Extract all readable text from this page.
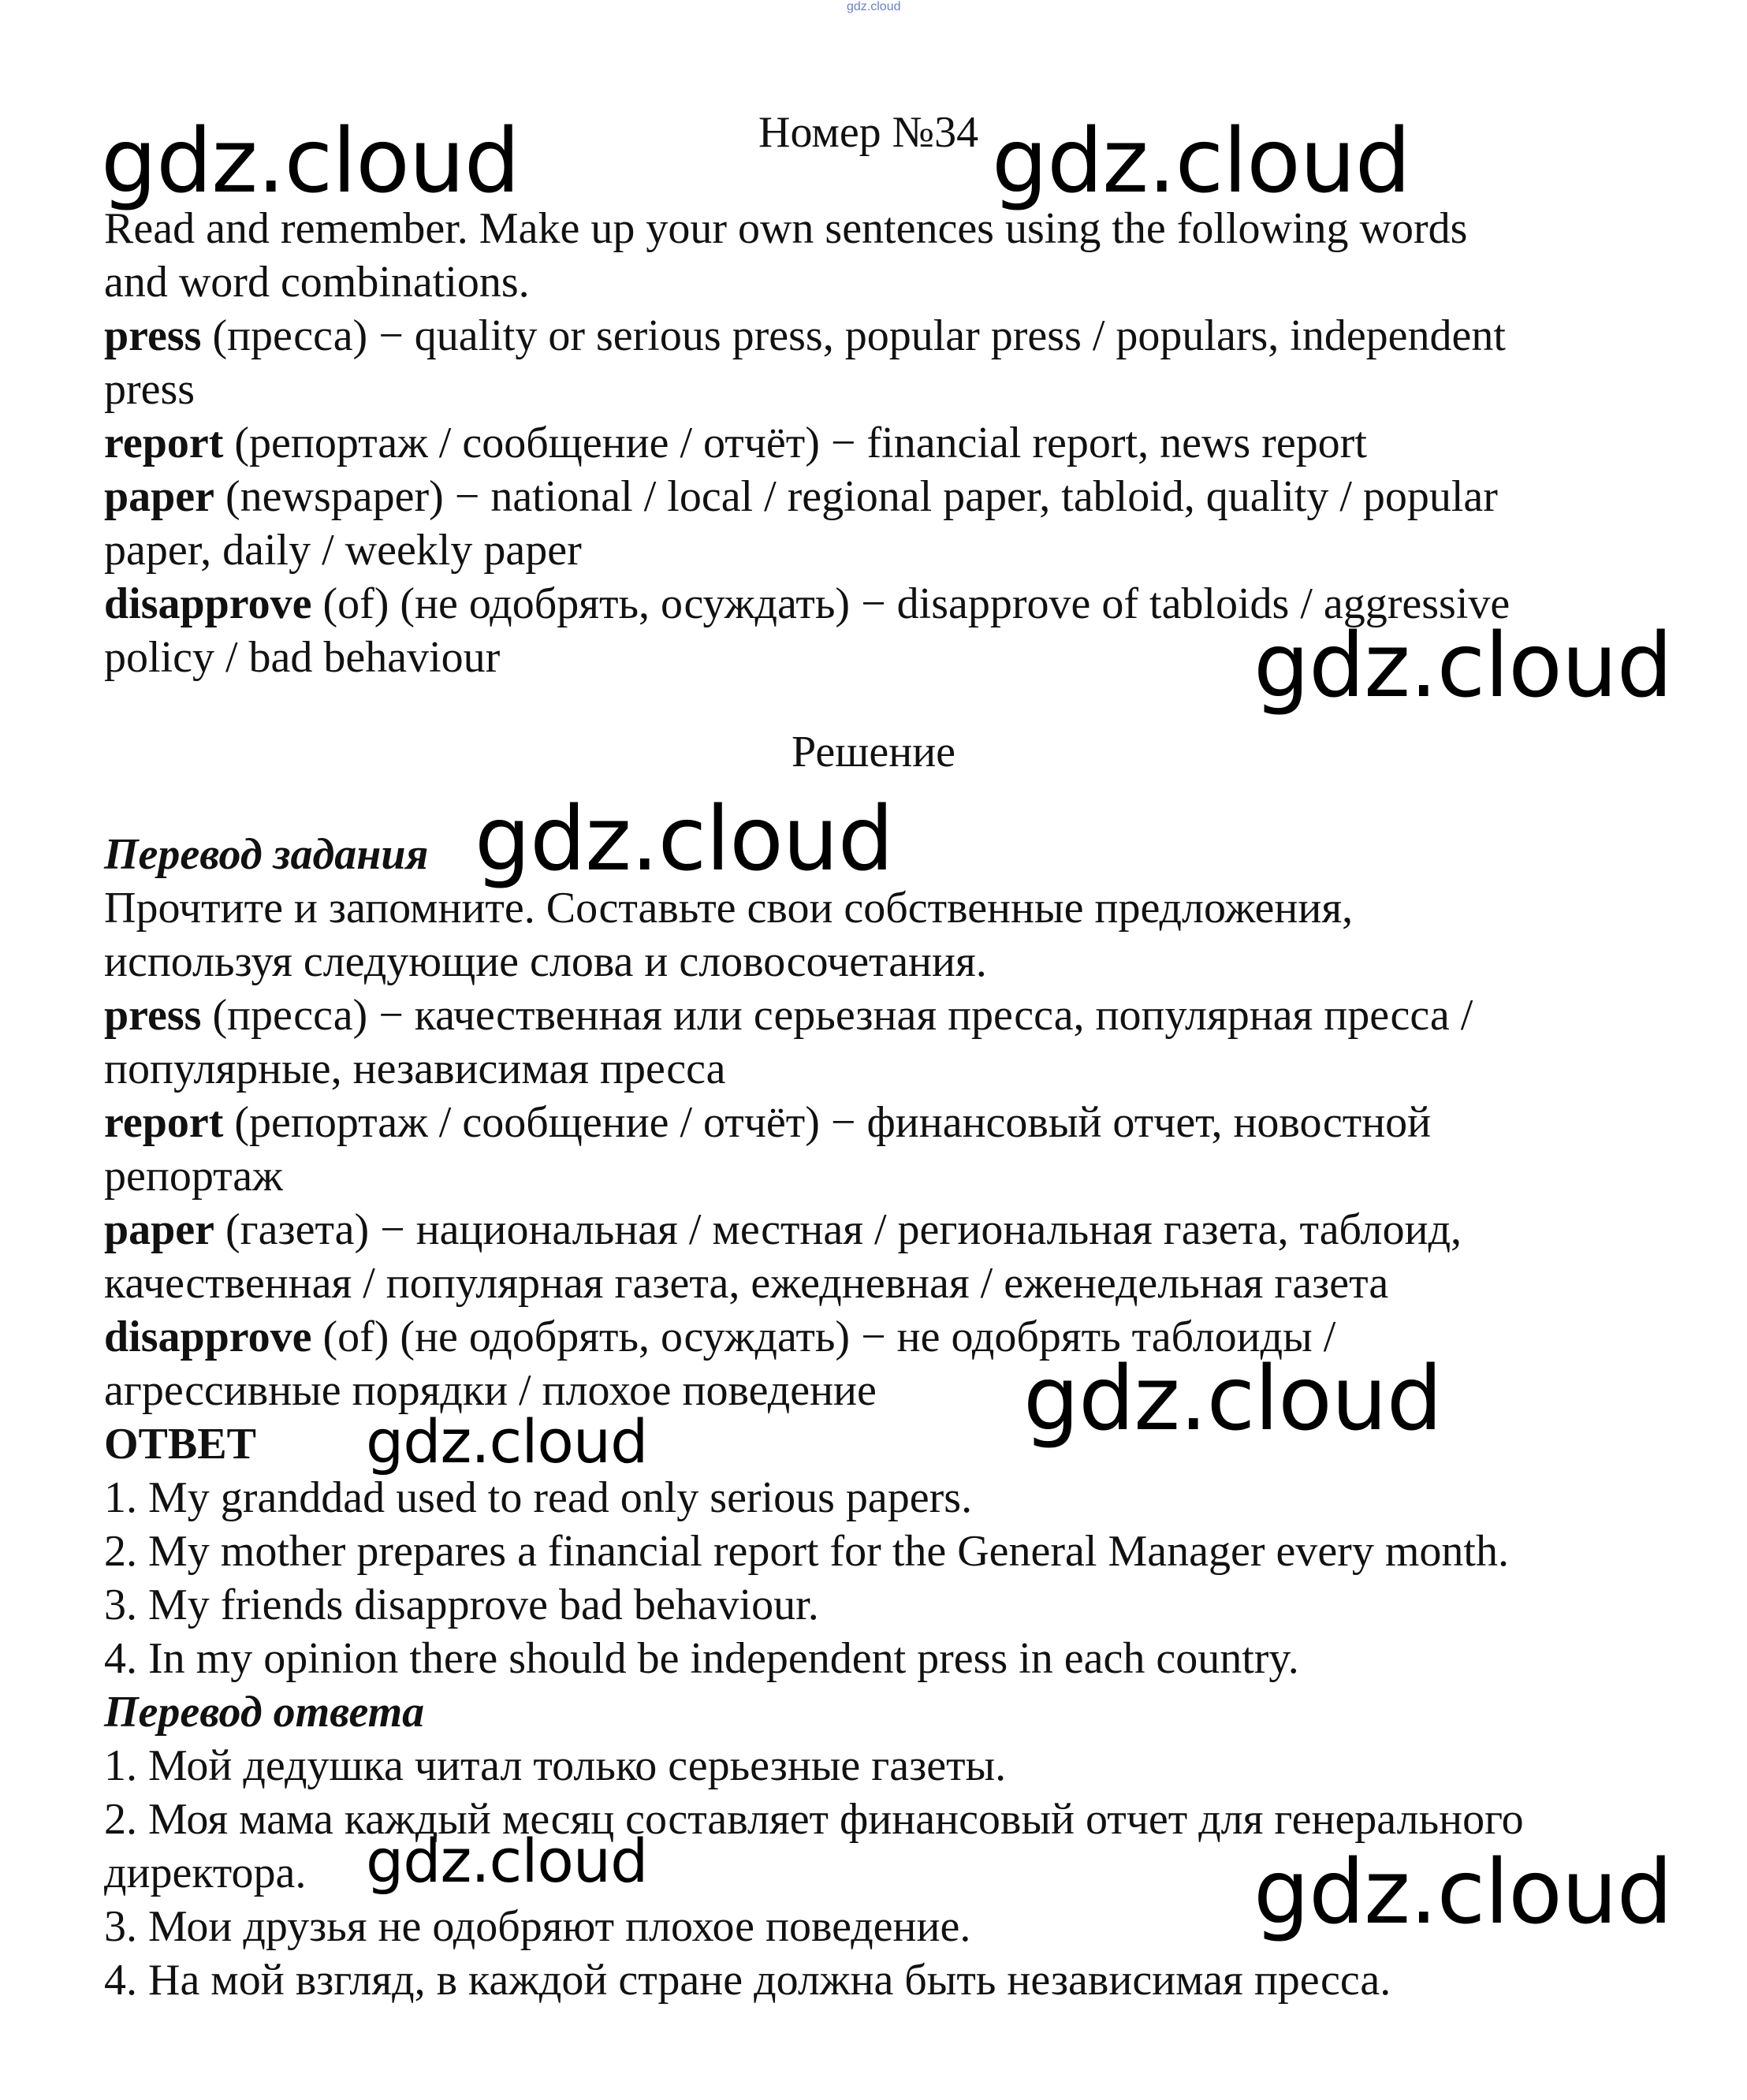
gdz.cloud
gdz.cloud	gdz.cloud
gdz.cloud
gdz.cloud
gdz.cloud
gdz.cloud
gdz.cloud	gdz.cloud
Номер №34
Read and remember. Make up your own sentences using the following words
and word combinations.
press (пресса) − quality or serious press, popular press / populars, independent
press
report (репортаж / сообщение / отчёт) − financial report, news report
paper (newspaper) − national / local / regional paper, tabloid, quality / popular
paper, daily / weekly paper
disapprove (of) (не одобрять, осуждать) − disapprove of tabloids / aggressive
policy / bad behaviour
Решение
Перевод задания
Прочтите и запомните. Составьте свои собственные предложения,
используя следующие слова и словосочетания.
press (пресса) − качественная или серьезная пресса, популярная пресса /
популярные, независимая пресса
report (репортаж / сообщение / отчёт) − финансовый отчет, новостной
репортаж
paper (газета) − национальная / местная / региональная газета, таблоид,
качественная / популярная газета, ежедневная / еженедельная газета
disapprove (of) (не одобрять, осуждать) − не одобрять таблоиды /
агрессивные порядки / плохое поведение
ОТВЕТ
1. My granddad used to read only serious papers.
2. My mother prepares a financial report for the General Manager every month.
3. My friends disapprove bad behaviour.
4. In my opinion there should be independent press in each country.
Перевод ответа
1. Мой дедушка читал только серьезные газеты.
2. Моя мама каждый месяц составляет финансовый отчет для генерального
директора.
3. Мои друзья не одобряют плохое поведение.
4. На мой взгляд, в каждой стране должна быть независимая пресса.
